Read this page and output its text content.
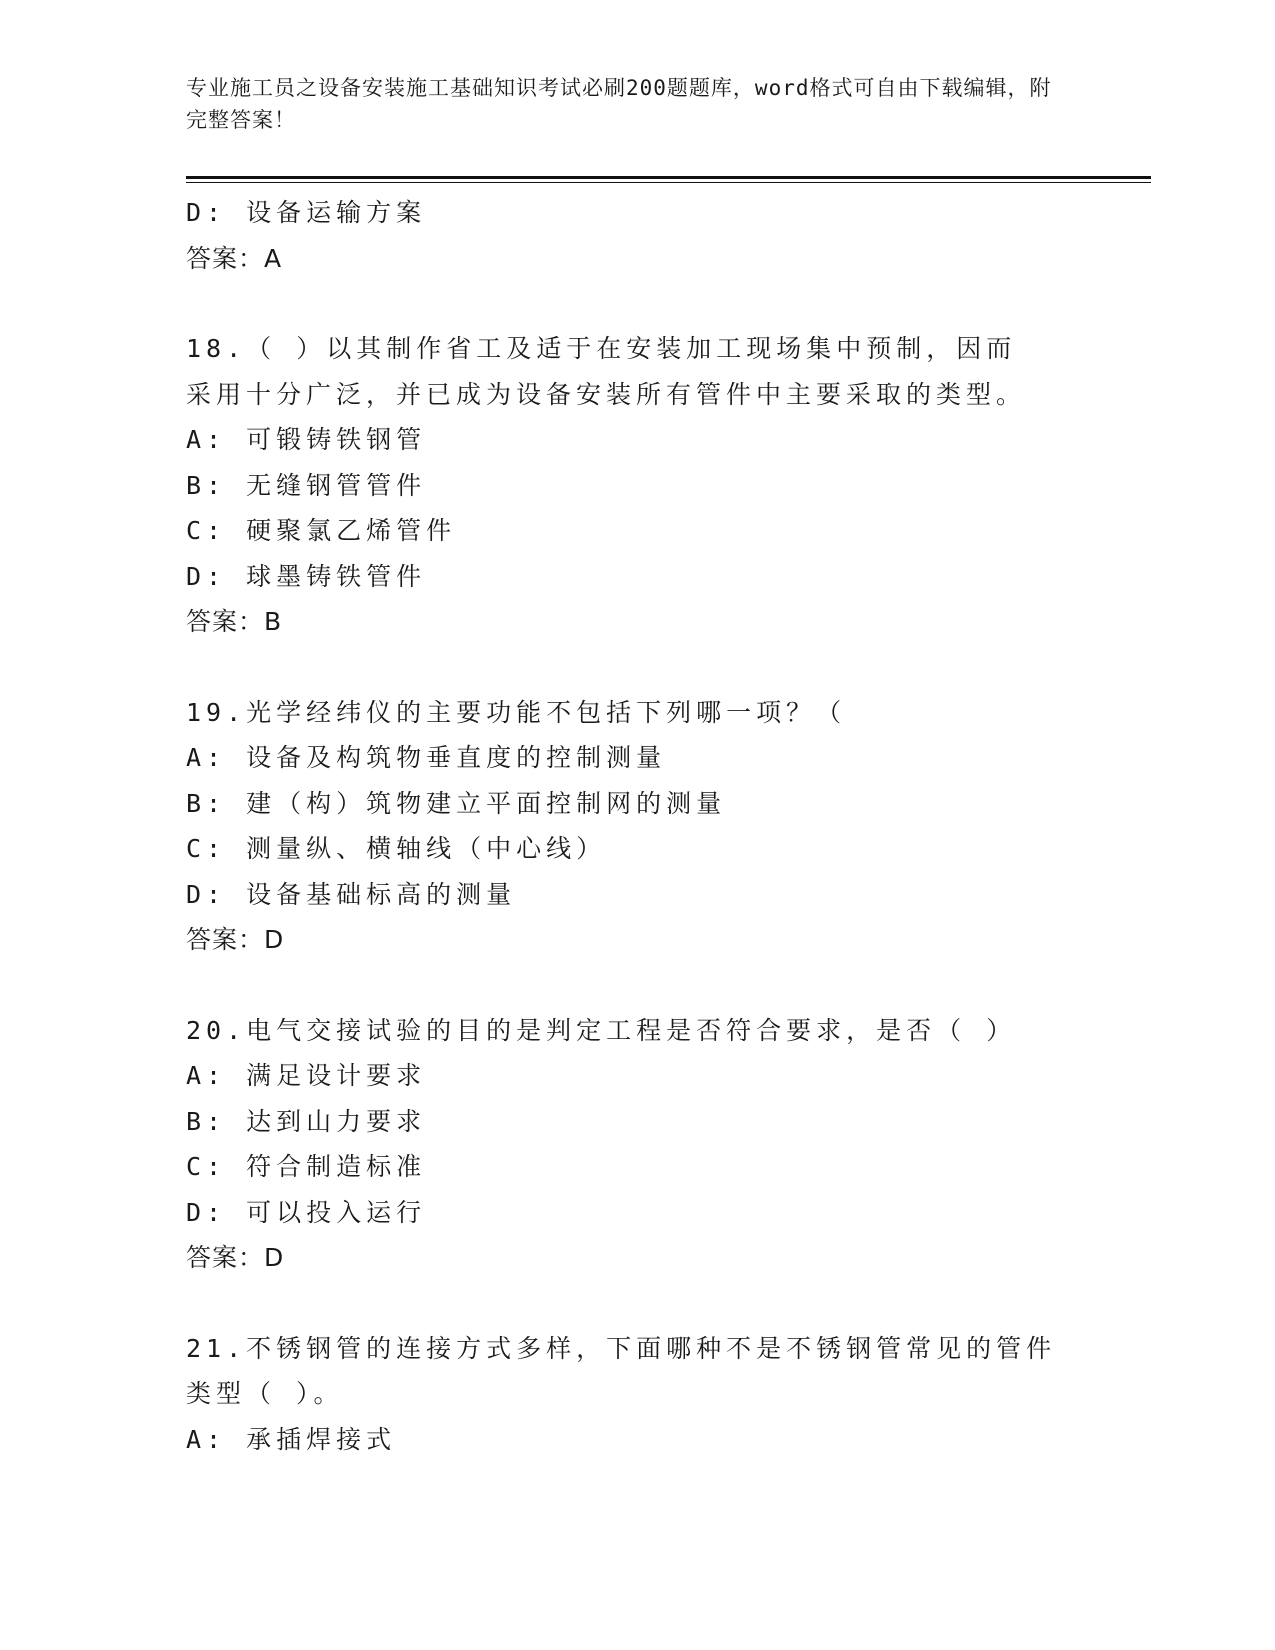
专业施工员之设备安装施工基础知识考试必刷200题题库，word格式可自由下载编辑，附完整答案！
D: 设备运输方案
答案：A
18.（ ）以其制作省工及适于在安装加工现场集中预制，因而采用十分广泛，并已成为设备安装所有管件中主要采取的类型。
A: 可锻铸铁钢管
B: 无缝钢管管件
C: 硬聚氯乙烯管件
D: 球墨铸铁管件
答案：B
19.光学经纬仪的主要功能不包括下列哪一项？（
A: 设备及构筑物垂直度的控制测量
B: 建（构）筑物建立平面控制网的测量
C: 测量纵、横轴线（中心线）
D: 设备基础标高的测量
答案：D
20.电气交接试验的目的是判定工程是否符合要求，是否（ ）
A: 满足设计要求
B: 达到山力要求
C: 符合制造标准
D: 可以投入运行
答案：D
21.不锈钢管的连接方式多样，下面哪种不是不锈钢管常见的管件类型（ ）。
A: 承插焊接式
